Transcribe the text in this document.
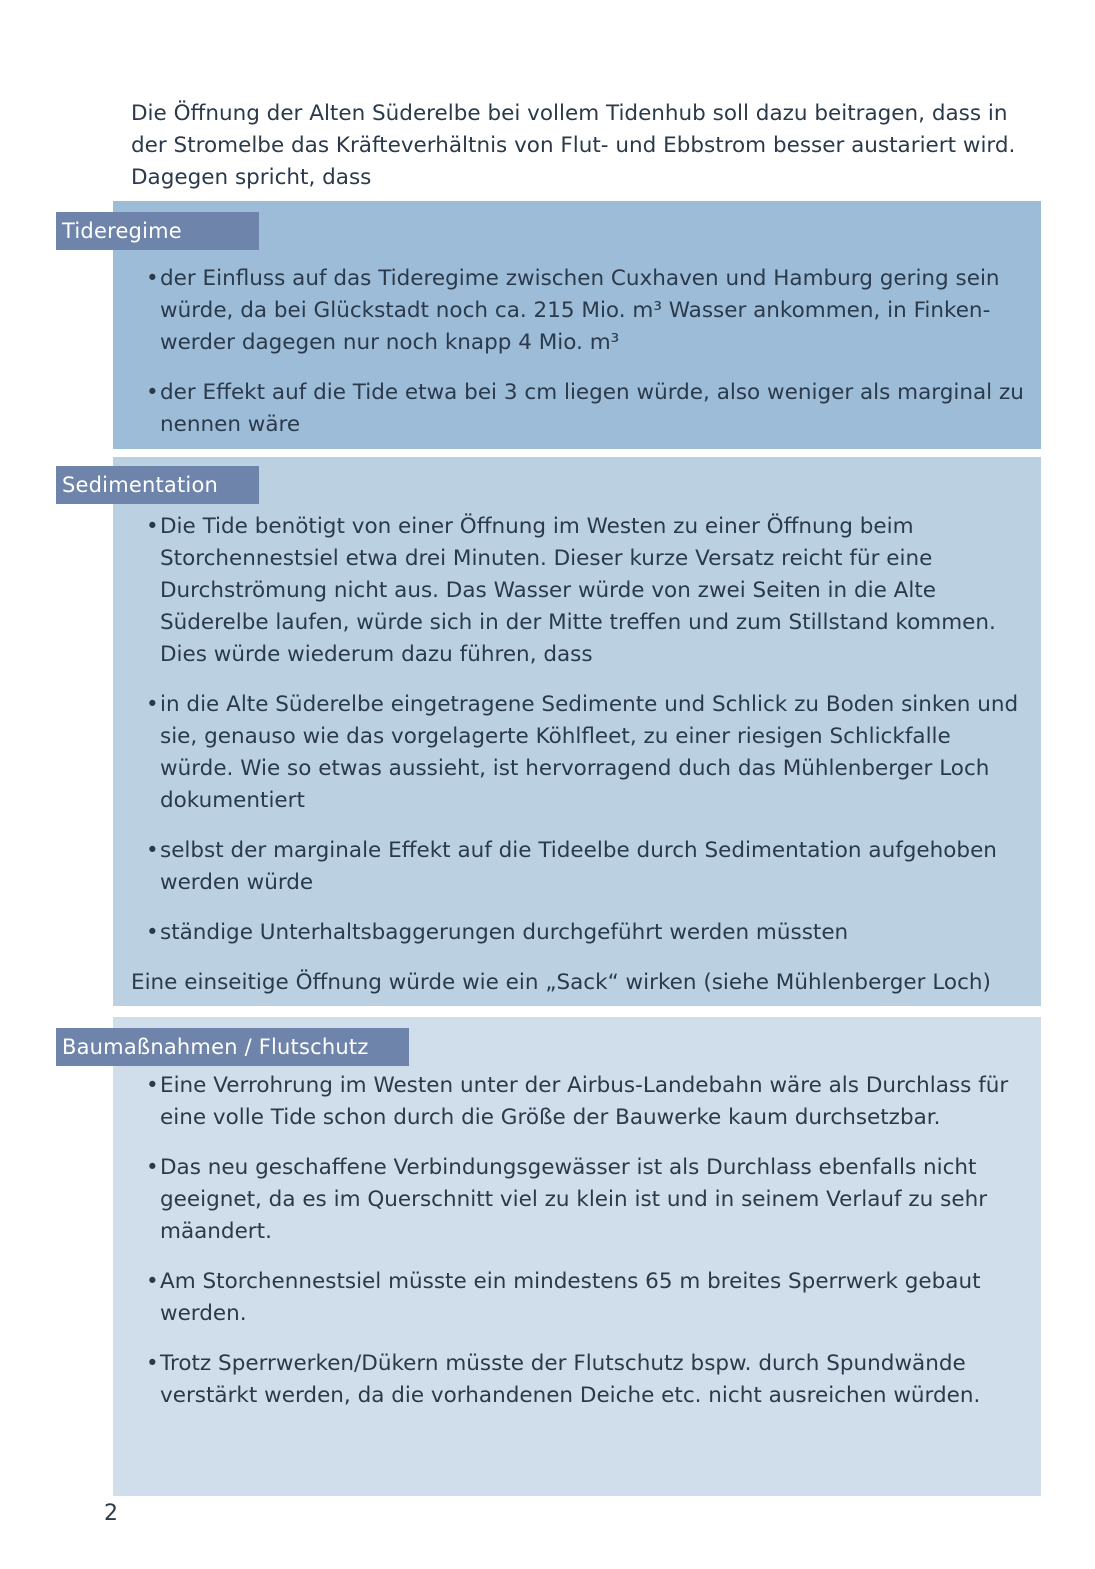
Die Öffnung der Alten Süderelbe bei vollem Tidenhub soll dazu beitragen, dass in der Stromelbe das Kräfteverhältnis von Flut- und Ebbstrom besser austariert wird. Dagegen spricht, dass

• der Einfluss auf das Tideregime zwischen Cuxhaven und Hamburg gering sein würde, da bei Glückstadt noch ca. 215 Mio. m³ Wasser ankommen, in Finkenwerder dagegen nur noch knapp 4 Mio. m³
• der Effekt auf die Tide etwa bei 3 cm liegen würde, also weniger als marginal zu nennen wäre
Tideregime
• Die Tide benötigt von einer Öffnung im Westen zu einer Öffnung beim Storchennestsiel etwa drei Minuten. Dieser kurze Versatz reicht für eine Durchströmung nicht aus. Das Wasser würde von zwei Seiten in die Alte Süderelbe laufen, würde sich in der Mitte treffen und zum Stillstand kommen. Dies würde wiederum dazu führen, dass
• in die Alte Süderelbe eingetragene Sedimente und Schlick zu Boden sinken und sie, genauso wie das vorgelagerte Köhlfleet, zu einer riesigen Schlickfalle würde. Wie so etwas aussieht, ist hervorragend duch das Mühlenberger Loch dokumentiert
• selbst der marginale Effekt auf die Tideelbe durch Sedimentation aufgehoben werden würde
• ständige Unterhaltsbaggerungen durchgeführt werden müssten

Eine einseitige Öffnung würde wie ein „Sack“ wirken (siehe Mühlenberger Loch)

Sedimentation
• Eine Verrohrung im Westen unter der Airbus-Landebahn wäre als Durchlass für eine volle Tide schon durch die Größe der Bauwerke kaum durchsetzbar.
• Das neu geschaffene Verbindungsgewässer ist als Durchlass ebenfalls nicht geeignet, da es im Querschnitt viel zu klein ist und in seinem Verlauf zu sehr mäandert.
• Am Storchennestsiel müsste ein mindestens 65 m breites Sperrwerk gebaut werden.
• Trotz Sperrwerken/Dükern müsste der Flutschutz bspw. durch Spundwände verstärkt werden, da die vorhandenen Deiche etc. nicht ausreichen würden.
Baumaßnahmen / Flutschutz
2
